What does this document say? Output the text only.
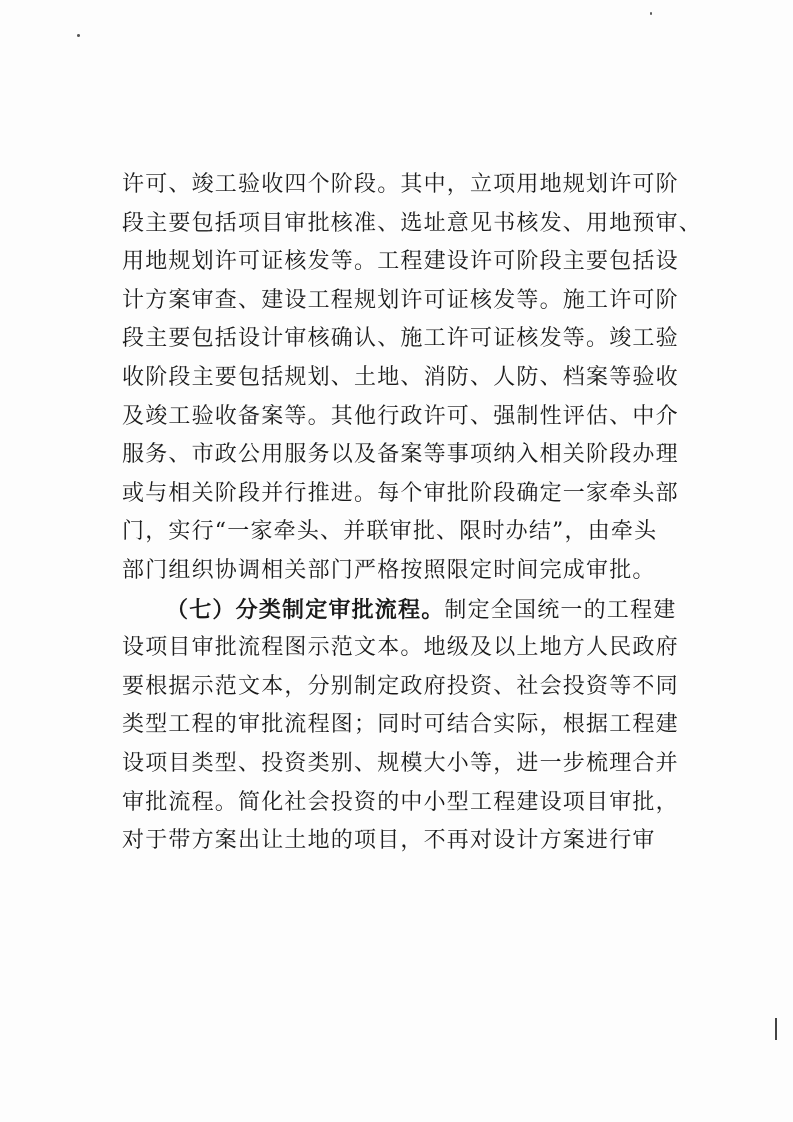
许可、竣工验收四个阶段。其中，立项用地规划许可阶
段主要包括项目审批核准、选址意见书核发、用地预审、
用地规划许可证核发等。工程建设许可阶段主要包括设
计方案审查、建设工程规划许可证核发等。施工许可阶
段主要包括设计审核确认、施工许可证核发等。竣工验
收阶段主要包括规划、土地、消防、人防、档案等验收
及竣工验收备案等。其他行政许可、强制性评估、中介
服务、市政公用服务以及备案等事项纳入相关阶段办理
或与相关阶段并行推进。每个审批阶段确定一家牵头部
门，实行“一家牵头、并联审批、限时办结”，由牵头
部门组织协调相关部门严格按照限定时间完成审批。
（七）分类制定审批流程。制定全国统一的工程建
设项目审批流程图示范文本。地级及以上地方人民政府
要根据示范文本，分别制定政府投资、社会投资等不同
类型工程的审批流程图；同时可结合实际，根据工程建
设项目类型、投资类别、规模大小等，进一步梳理合并
审批流程。简化社会投资的中小型工程建设项目审批，
对于带方案出让土地的项目，不再对设计方案进行审
